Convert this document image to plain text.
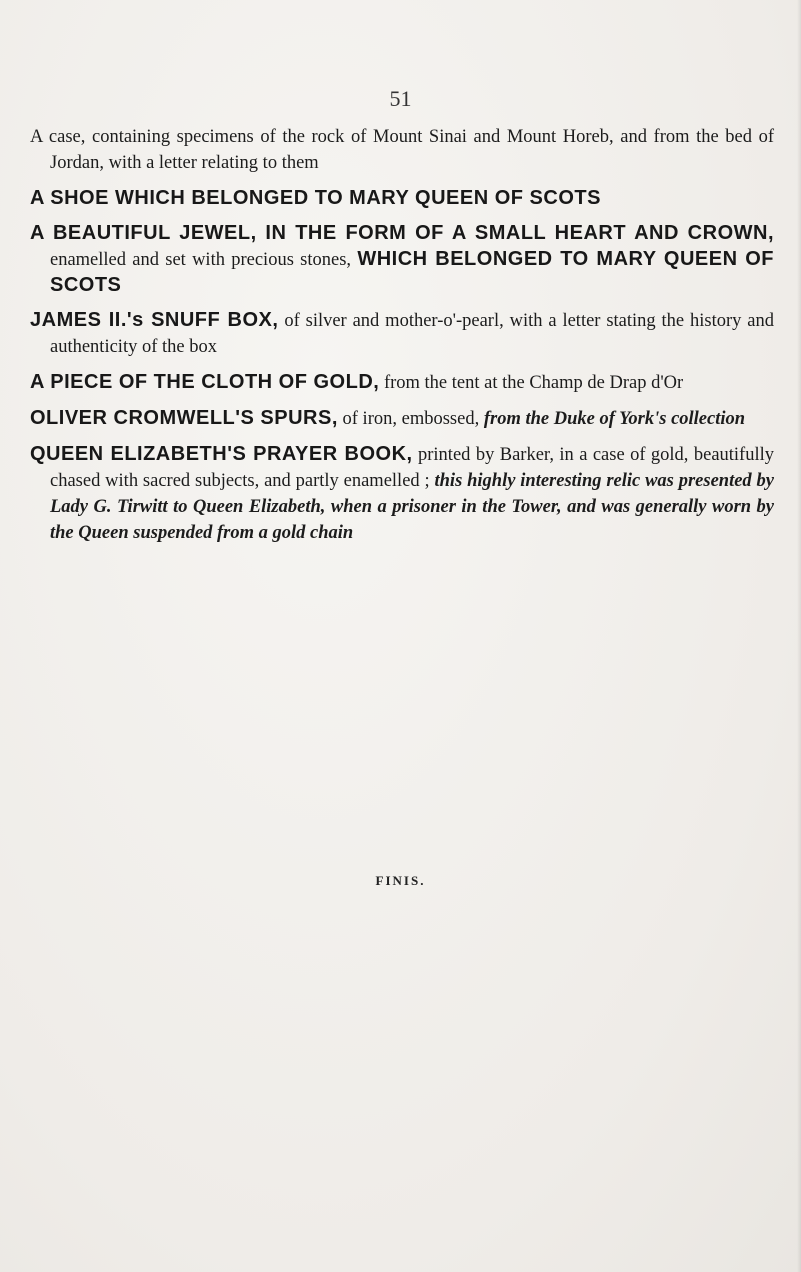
51

A case, containing specimens of the rock of Mount Sinai and Mount Horeb, and from the bed of Jordan, with a letter relating to them

A SHOE WHICH BELONGED TO MARY QUEEN OF SCOTS

A BEAUTIFUL JEWEL, IN THE FORM OF A SMALL HEART AND CROWN, enamelled and set with precious stones, WHICH BELONGED TO MARY QUEEN OF SCOTS

JAMES II.'s SNUFF BOX, of silver and mother-o'-pearl, with a letter stating the history and authenticity of the box

A PIECE OF THE CLOTH OF GOLD, from the tent at the Champ de Drap d'Or

OLIVER CROMWELL'S SPURS, of iron, embossed, from the Duke of York's collection

QUEEN ELIZABETH'S PRAYER BOOK, printed by Barker, in a case of gold, beautifully chased with sacred subjects, and partly enamelled ; this highly interesting relic was presented by Lady G. Tirwitt to Queen Elizabeth, when a prisoner in the Tower, and was generally worn by the Queen suspended from a gold chain

FINIS.
